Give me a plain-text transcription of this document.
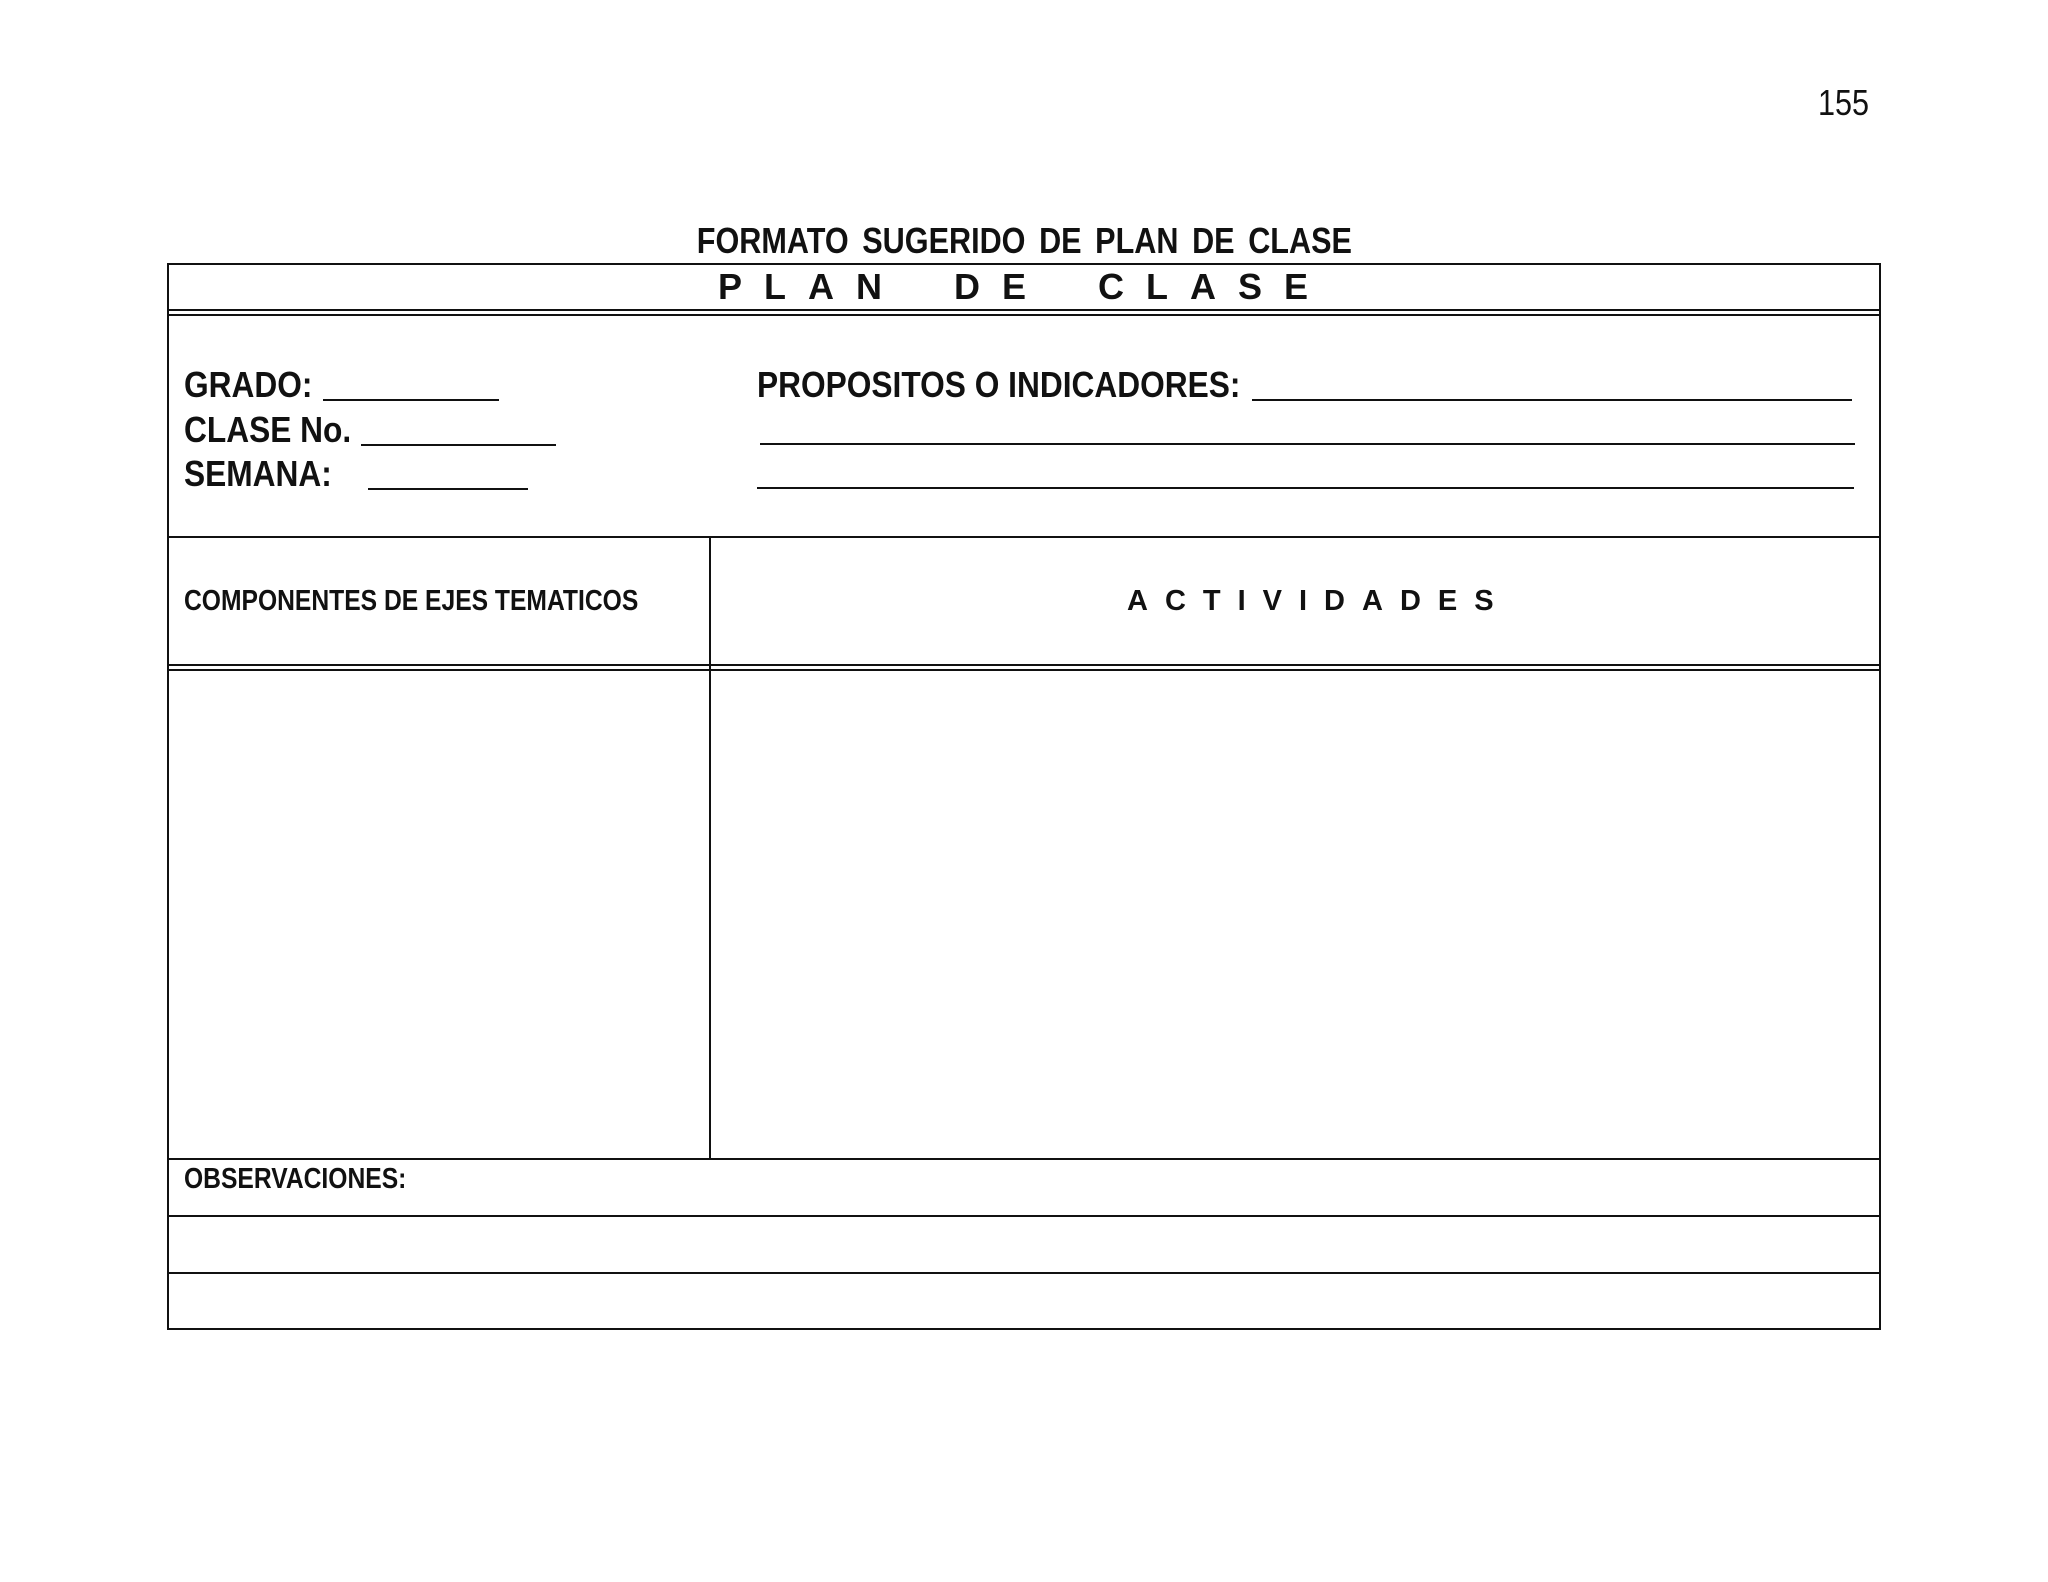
155
FORMATO SUGERIDO DE PLAN DE CLASE
PLAN DE CLASE
GRADO:
CLASE No.
SEMANA:
PROPOSITOS O INDICADORES:
COMPONENTES DE EJES TEMATICOS	ACTIVIDADES
OBSERVACIONES:
